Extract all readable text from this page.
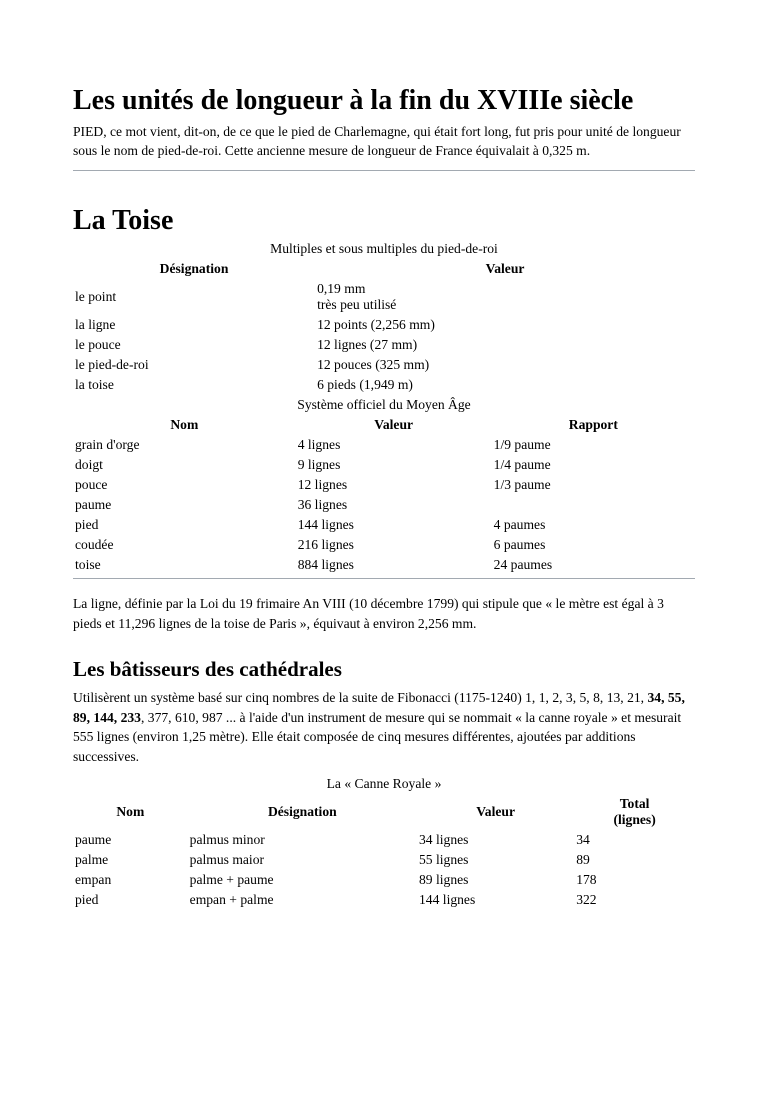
Les unités de longueur à la fin du XVIIIe siècle

PIED, ce mot vient, dit-on, de ce que le pied de Charlemagne, qui était fort long, fut pris pour unité de longueur sous le nom de pied-de-roi. Cette ancienne mesure de longueur de France équivalait à 0,325 m.

La Toise
Multiples et sous multiples du pied-de-roi
Désignation	Valeur
le point	0,19 mm
très peu utilisé

la ligne	12 points (2,256 mm)
le pouce	12 lignes (27 mm)
le pied-de-roi	12 pouces (325 mm)
la toise	6 pieds (1,949 m)
Système officiel du Moyen Âge
Nom	Valeur	Rapport
grain d'orge	4 lignes	1/9 paume
doigt	9 lignes	1/4 paume
pouce	12 lignes	1/3 paume
paume	36 lignes	
pied	144 lignes	4 paumes
coudée	216 lignes	6 paumes
toise	884 lignes	24 paumes

La ligne, définie par la Loi du 19 frimaire An VIII (10 décembre 1799) qui stipule que « le mètre est égal à 3 pieds et 11,296 lignes de la toise de Paris », équivaut à environ 2,256 mm.

Les bâtisseurs des cathédrales

Utilisèrent un système basé sur cinq nombres de la suite de Fibonacci (1175-1240) 1, 1, 2, 3, 5, 8, 13, 21, 34, 55, 89, 144, 233, 377, 610, 987 ... à l'aide d'un instrument de mesure qui se nommait « la canne royale » et mesurait 555 lignes (environ 1,25 mètre). Elle était composée de cinq mesures différentes, ajoutées par additions successives.

La « Canne Royale »
Nom	Désignation	Valeur	Total
(lignes)

paume	palmus minor	34 lignes	34
palme	palmus maior	55 lignes	89
empan	palme + paume	89 lignes	178
pied	empan + palme	144 lignes	322
